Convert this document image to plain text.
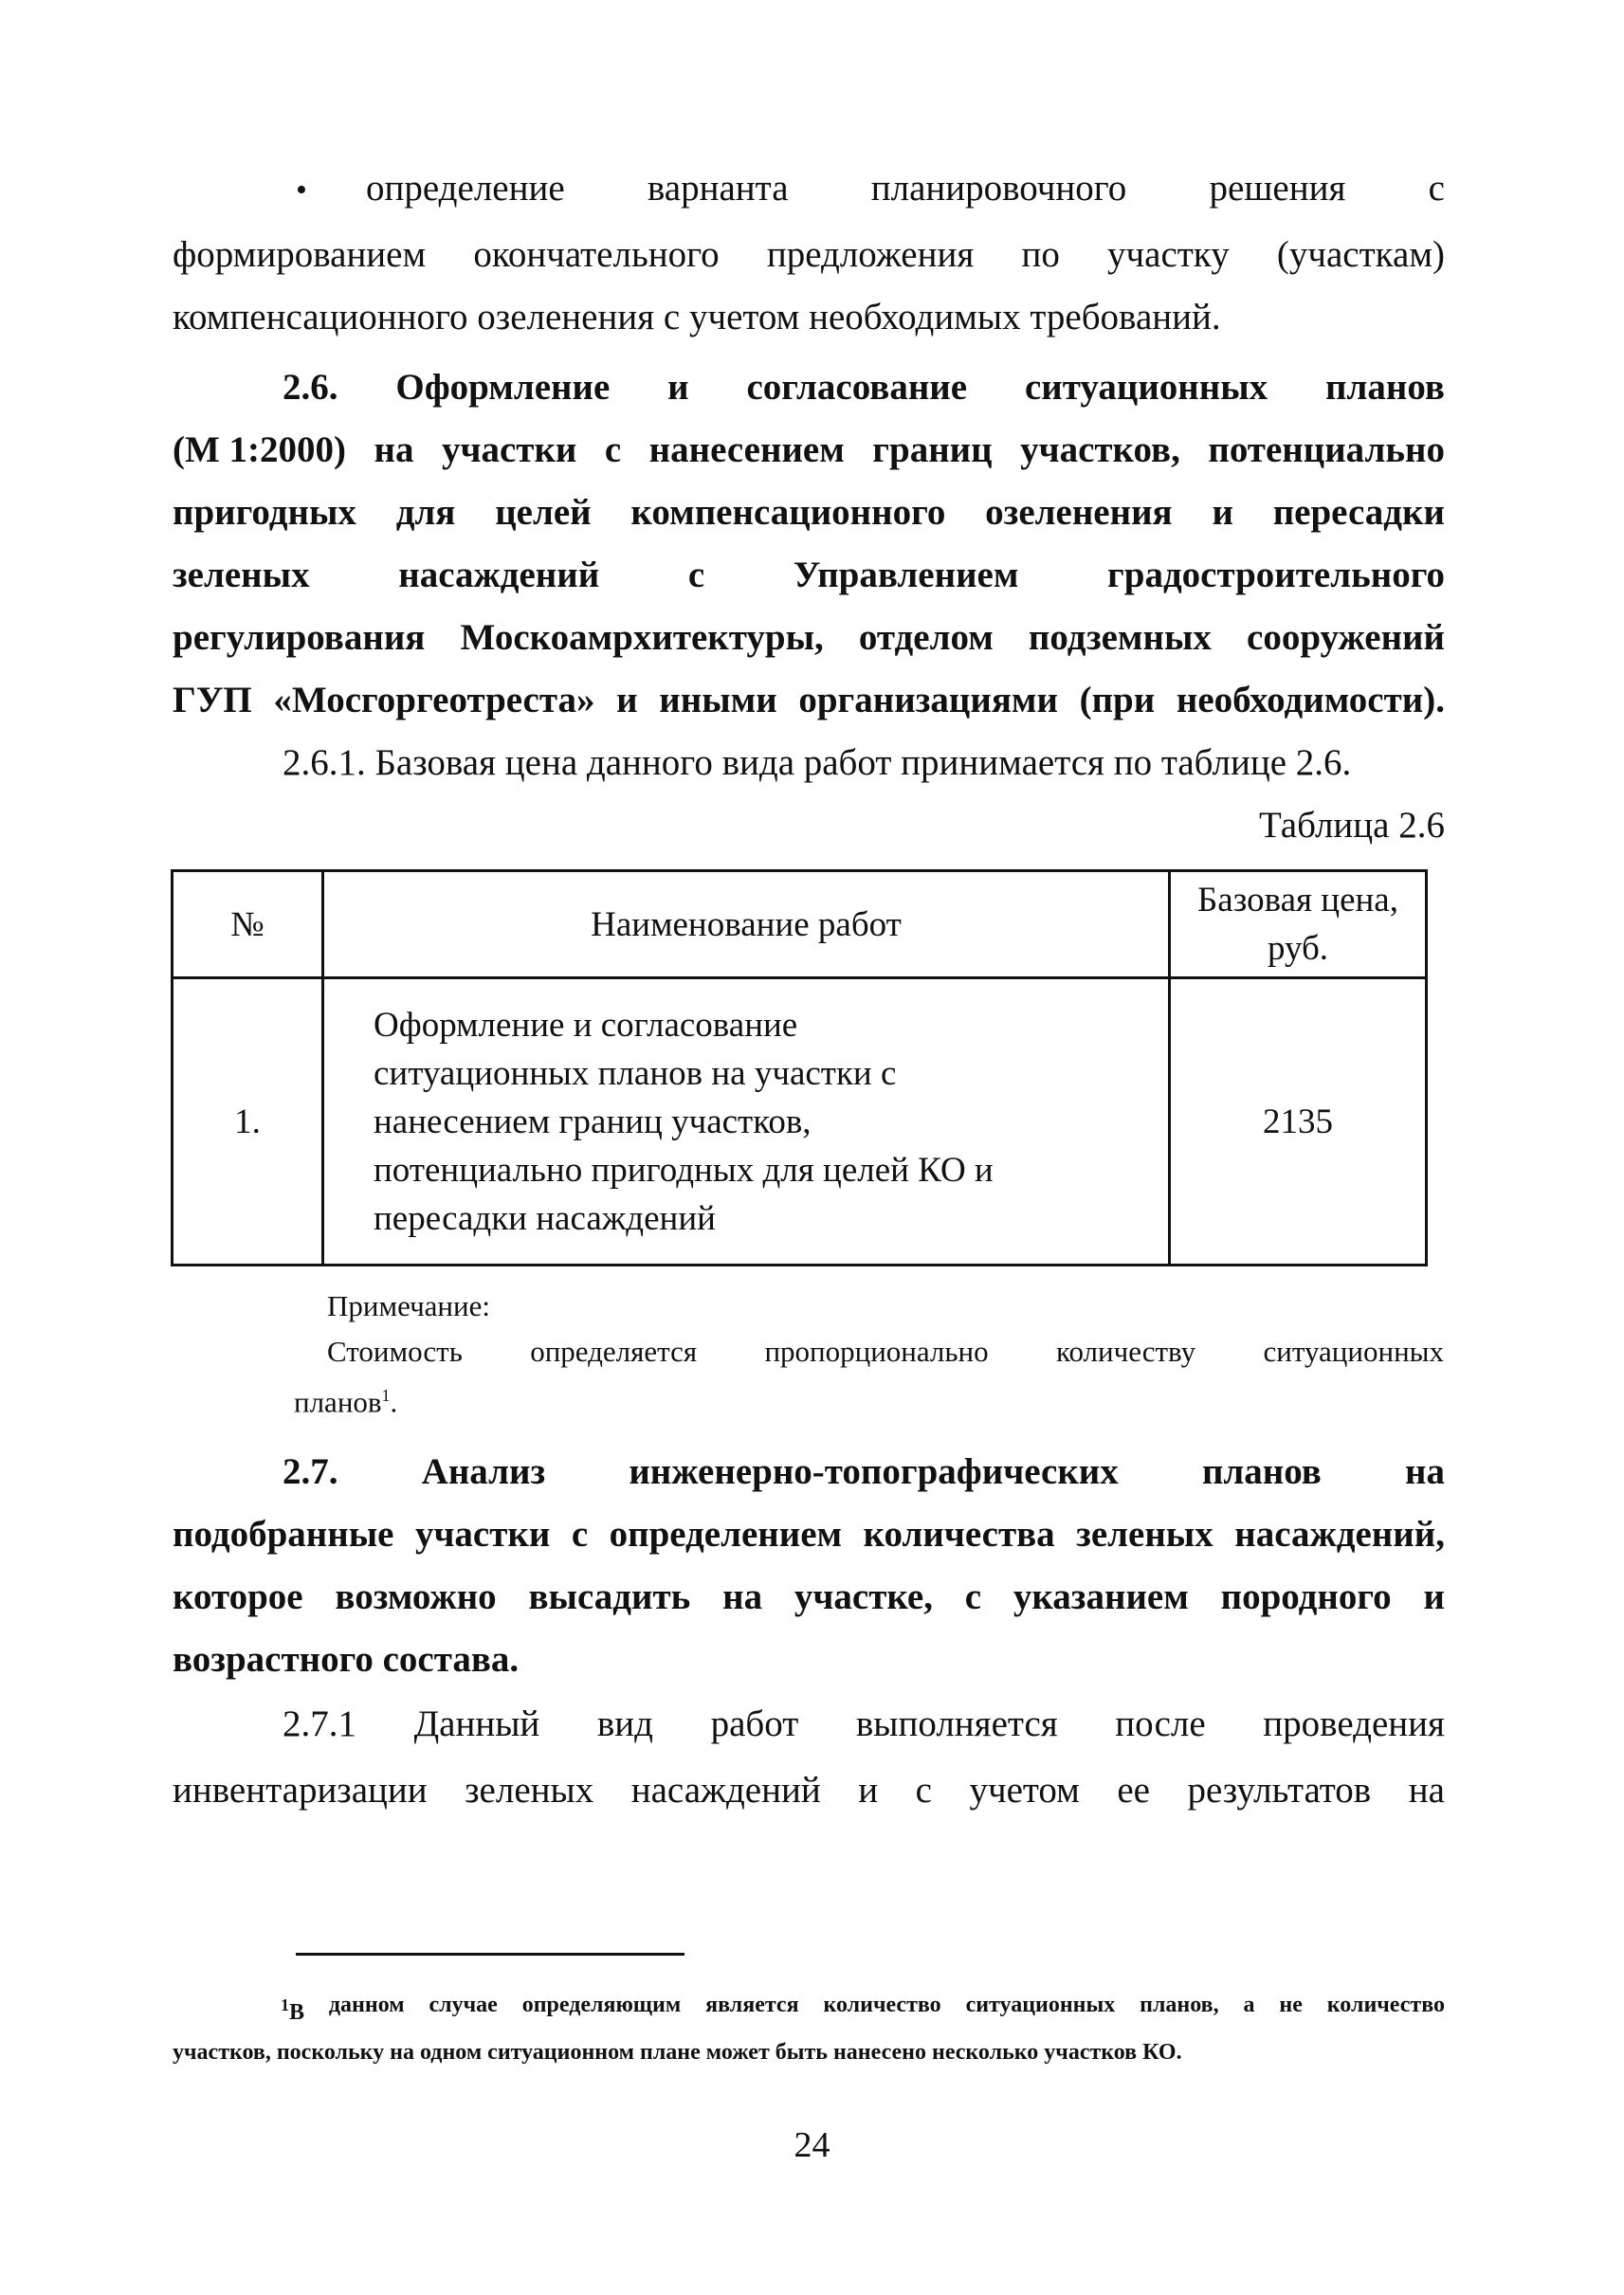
• определение варнанта планировочного решения с
формированием окончательного предложения по участку (участкам)
компенсационного озеленения с учетом необходимых требований.
2.6. Оформление и согласование ситуационных планов
(М 1:2000) на участки с нанесением границ участков, потенциально
пригодных для целей компенсационного озеленения и пересадки
зеленых насаждений с Управлением градостроительного
регулирования Москоамрхитектуры, отделом подземных сооружений
ГУП «Мосгоргеотреста» и иными организациями (при необходимости).
2.6.1. Базовая цена данного вида работ принимается по таблице 2.6.
Таблица 2.6
№	Наименование работ	Базовая цена,
руб.

1.	Оформление и согласование
ситуационных планов на участки с
нанесением границ участков,
потенциально пригодных для целей КО и
пересадки насаждений	2135
Примечание:
Стоимость определяется пропорционально количеству ситуационных
планов$^1$.
2.7. Анализ инженерно-топографических планов на
подобранные участки с определением количества зеленых насаждений,
которое возможно высадить на участке, с указанием породного и
возрастного состава.
2.7.1 Данный вид работ выполняется после проведения
инвентаризации зеленых насаждений и с учетом ее результатов на
$^1$В данном случае определяющим является количество ситуационных планов, а не количество
участков, поскольку на одном ситуационном плане может быть нанесено несколько участков КО.
24
